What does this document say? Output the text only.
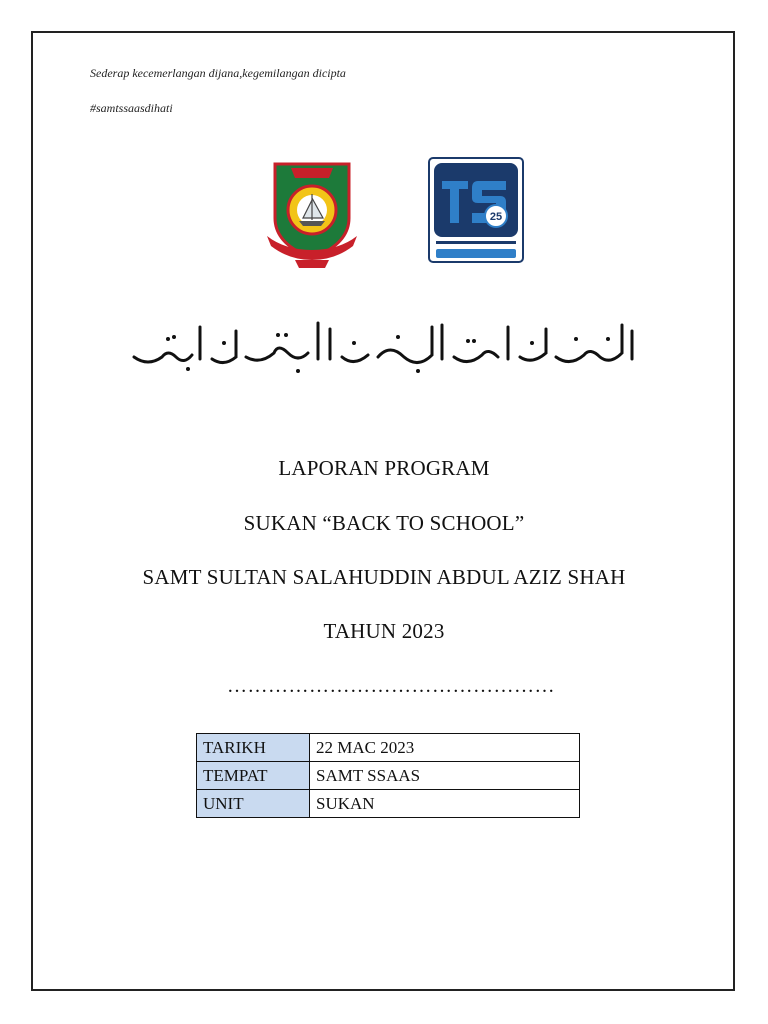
Sederap kecemerlangan dijana,kegemilangan dicipta
#samtssaasdihati
25
LAPORAN PROGRAM
SUKAN “BACK TO SCHOOL”
SAMT SULTAN SALAHUDDIN ABDUL AZIZ SHAH
TAHUN 2023
…………………………………………
TARIKH	22 MAC 2023
TEMPAT	SAMT SSAAS
UNIT	SUKAN
